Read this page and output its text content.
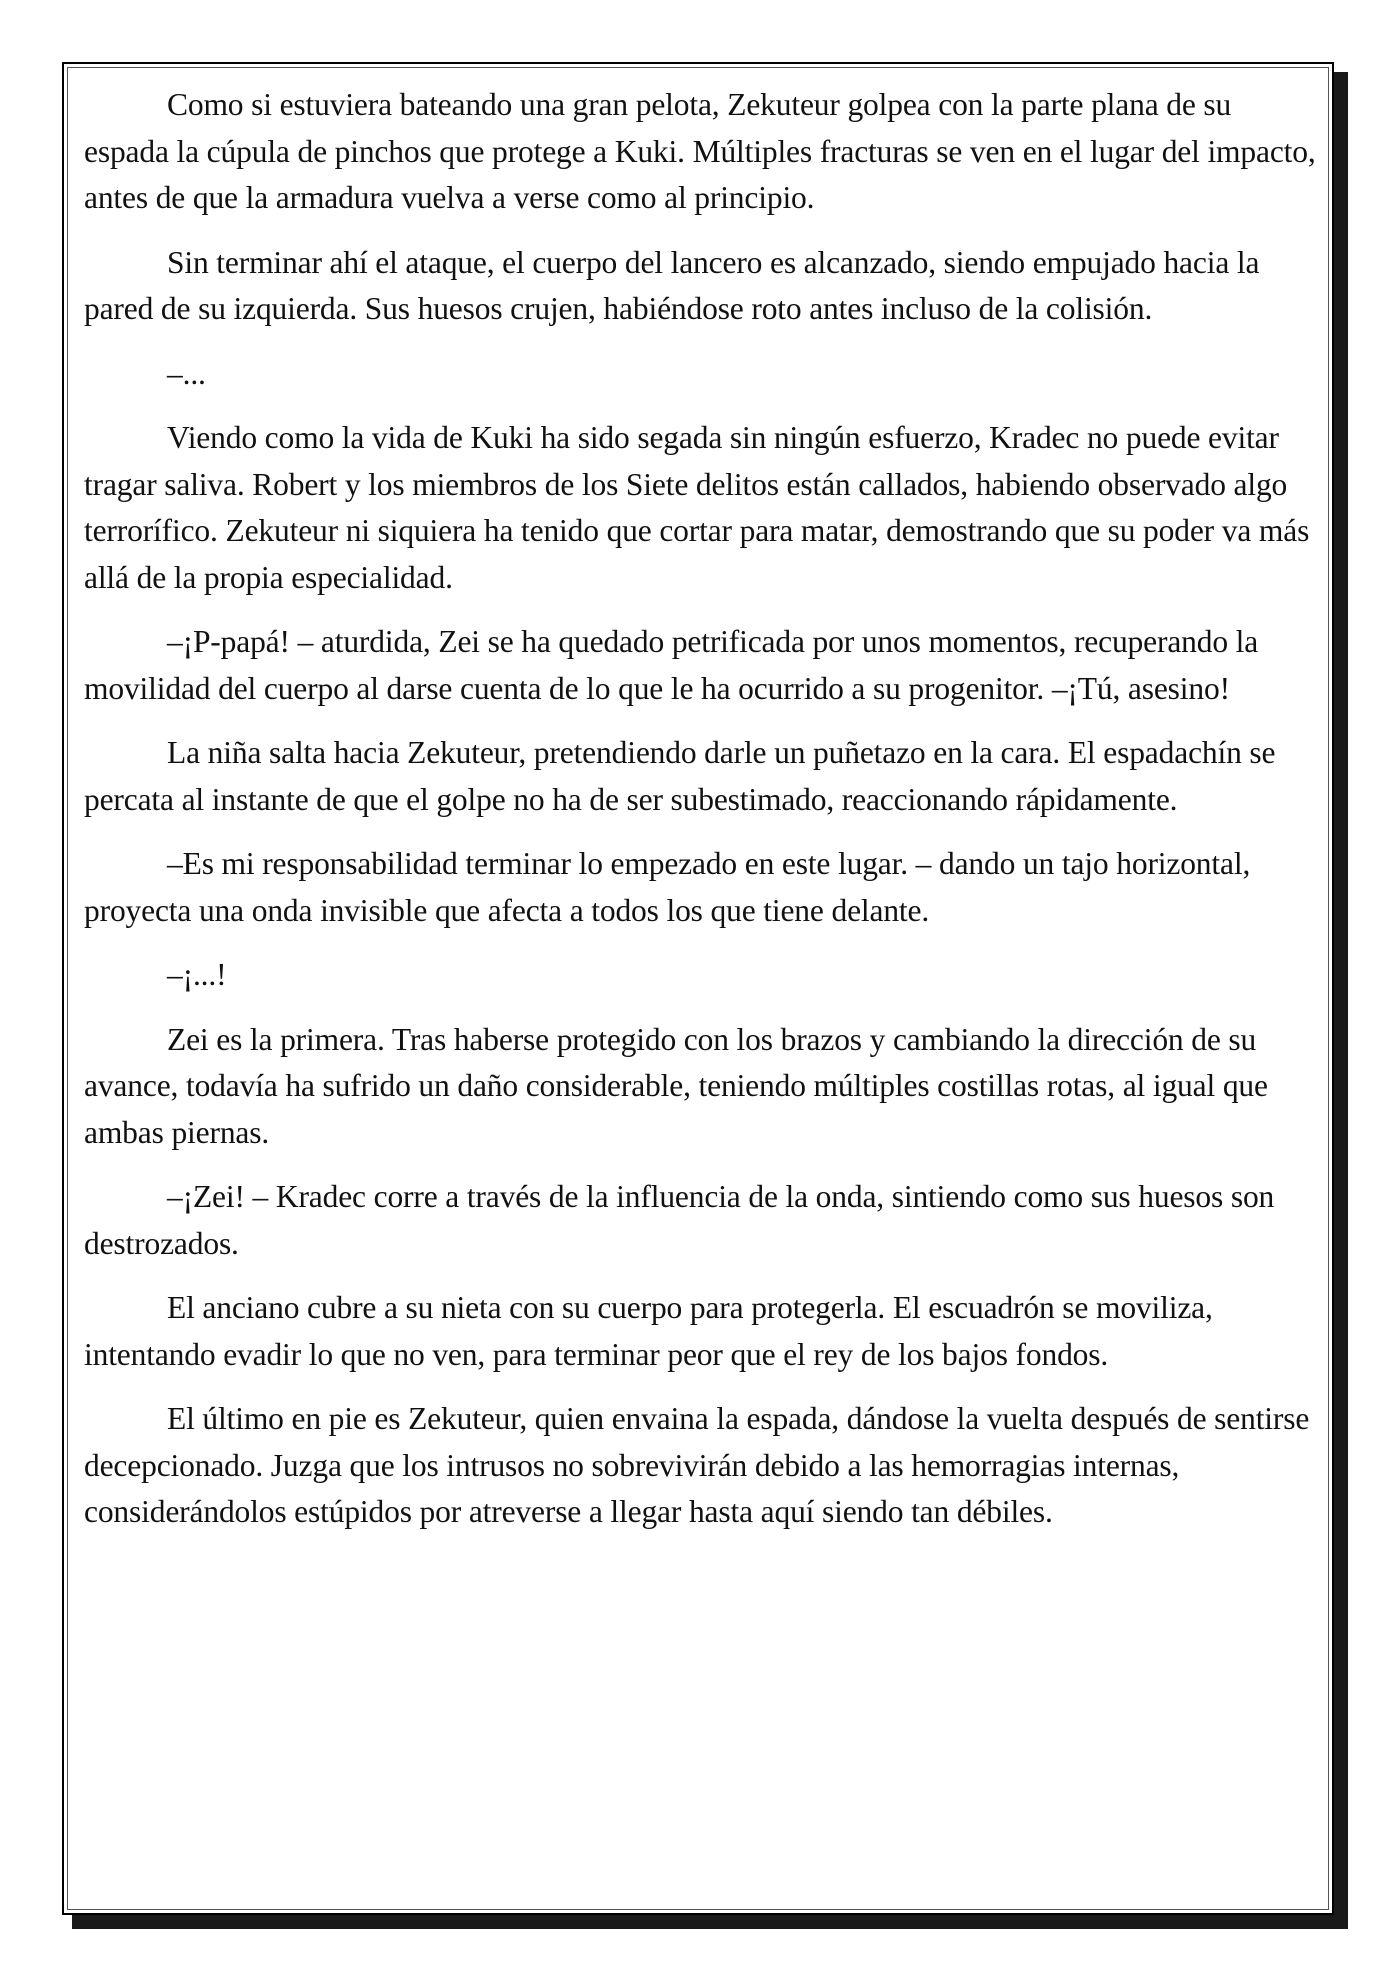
Como si estuviera bateando una gran pelota, Zekuteur golpea con la parte plana de su espada la cúpula de pinchos que protege a Kuki. Múltiples fracturas se ven en el lugar del impacto, antes de que la armadura vuelva a verse como al principio.

Sin terminar ahí el ataque, el cuerpo del lancero es alcanzado, siendo empujado hacia la pared de su izquierda. Sus huesos crujen, habiéndose roto antes incluso de la colisión.

–...

Viendo como la vida de Kuki ha sido segada sin ningún esfuerzo, Kradec no puede evitar tragar saliva. Robert y los miembros de los Siete delitos están callados, habiendo observado algo terrorífico. Zekuteur ni siquiera ha tenido que cortar para matar, demostrando que su poder va más allá de la propia especialidad.

–¡P-papá! – aturdida, Zei se ha quedado petrificada por unos momentos, recuperando la movilidad del cuerpo al darse cuenta de lo que le ha ocurrido a su progenitor. –¡Tú, asesino!

La niña salta hacia Zekuteur, pretendiendo darle un puñetazo en la cara. El espadachín se percata al instante de que el golpe no ha de ser subestimado, reaccionando rápidamente.

–Es mi responsabilidad terminar lo empezado en este lugar. – dando un tajo horizontal, proyecta una onda invisible que afecta a todos los que tiene delante.

–¡...!

Zei es la primera. Tras haberse protegido con los brazos y cambiando la dirección de su avance, todavía ha sufrido un daño considerable, teniendo múltiples costillas rotas, al igual que ambas piernas.

–¡Zei! – Kradec corre a través de la influencia de la onda, sintiendo como sus huesos son destrozados.

El anciano cubre a su nieta con su cuerpo para protegerla. El escuadrón se moviliza, intentando evadir lo que no ven, para terminar peor que el rey de los bajos fondos.

El último en pie es Zekuteur, quien envaina la espada, dándose la vuelta después de sentirse decepcionado. Juzga que los intrusos no sobrevivirán debido a las hemorragias internas, considerándolos estúpidos por atreverse a llegar hasta aquí siendo tan débiles.
